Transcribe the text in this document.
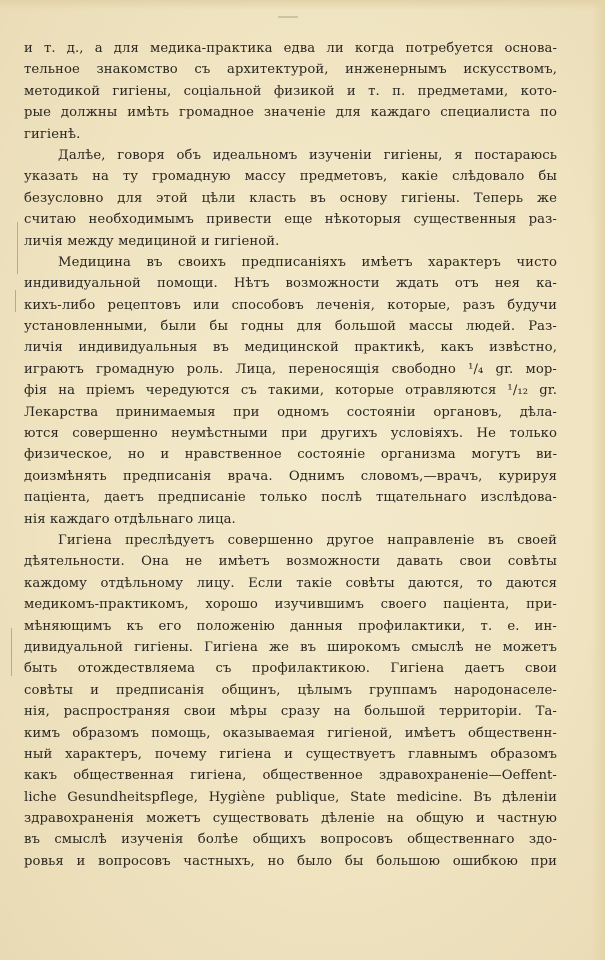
и т. д., а для медика-практика едва ли когда потребуется основа-
тельное знакомство съ архитектурой, инженернымъ искусствомъ,
методикой гигіены, соціальной физикой и т. п. предметами, кото-
рые должны имѣть громадное значеніе для каждаго специалиста по
гигіенѣ.
Далѣе, говоря объ идеальномъ изученіи гигіены, я постараюсь
указать на ту громадную массу предметовъ, какіе слѣдовало бы
безусловно для этой цѣли класть въ основу гигіены. Теперь же
считаю необходимымъ привести еще нѣкоторыя существенныя раз-
личія между медициной и гигіеной.
Медицина въ своихъ предписаніяхъ имѣетъ характеръ чисто
индивидуальной помощи. Нѣтъ возможности ждать отъ нея ка-
кихъ-либо рецептовъ или способовъ леченія, которые, разъ будучи
установленными, были бы годны для большой массы людей. Раз-
личія индивидуальныя въ медицинской практикѣ, какъ извѣстно,
играютъ громадную роль. Лица, переносящія свободно ¹/₄ gr. мор-
фія на пріемъ чередуются съ такими, которые отравляются ¹/₁₂ gr.
Лекарства принимаемыя при одномъ состояніи органовъ, дѣла-
ются совершенно неумѣстными при другихъ условіяхъ. Не только
физическое, но и нравственное состояніе организма могутъ ви-
доизмѣнять предписанія врача. Однимъ словомъ,—врачъ, курируя
паціента, даетъ предписаніе только послѣ тщательнаго изслѣдова-
нія каждаго отдѣльнаго лица.
Гигіена преслѣдуетъ совершенно другое направленіе въ своей
дѣятельности. Она не имѣетъ возможности давать свои совѣты
каждому отдѣльному лицу. Если такіе совѣты даются, то даются
медикомъ-практикомъ, хорошо изучившимъ своего паціента, при-
мѣняющимъ къ его положенію данныя профилактики, т. е. ин-
дивидуальной гигіены. Гигіена же въ широкомъ смыслѣ не можетъ
быть отождествляема съ профилактикою. Гигіена даетъ свои
совѣты и предписанія общинъ, цѣлымъ группамъ народонаселе-
нія, распространяя свои мѣры сразу на большой территоріи. Та-
кимъ образомъ помощь, оказываемая гигіеной, имѣетъ общественн-
ный характеръ, почему гигіена и существуетъ главнымъ образомъ
какъ общественная гигіена, общественное здравохраненіе—Oeffent-
liche Gesundheitspflege, Hygiène publique, State medicine. Въ дѣленіи
здравохраненія можетъ существовать дѣленіе на общую и частную
въ смыслѣ изученія болѣе общихъ вопросовъ общественнаго здо-
ровья и вопросовъ частныхъ, но было бы большою ошибкою при
